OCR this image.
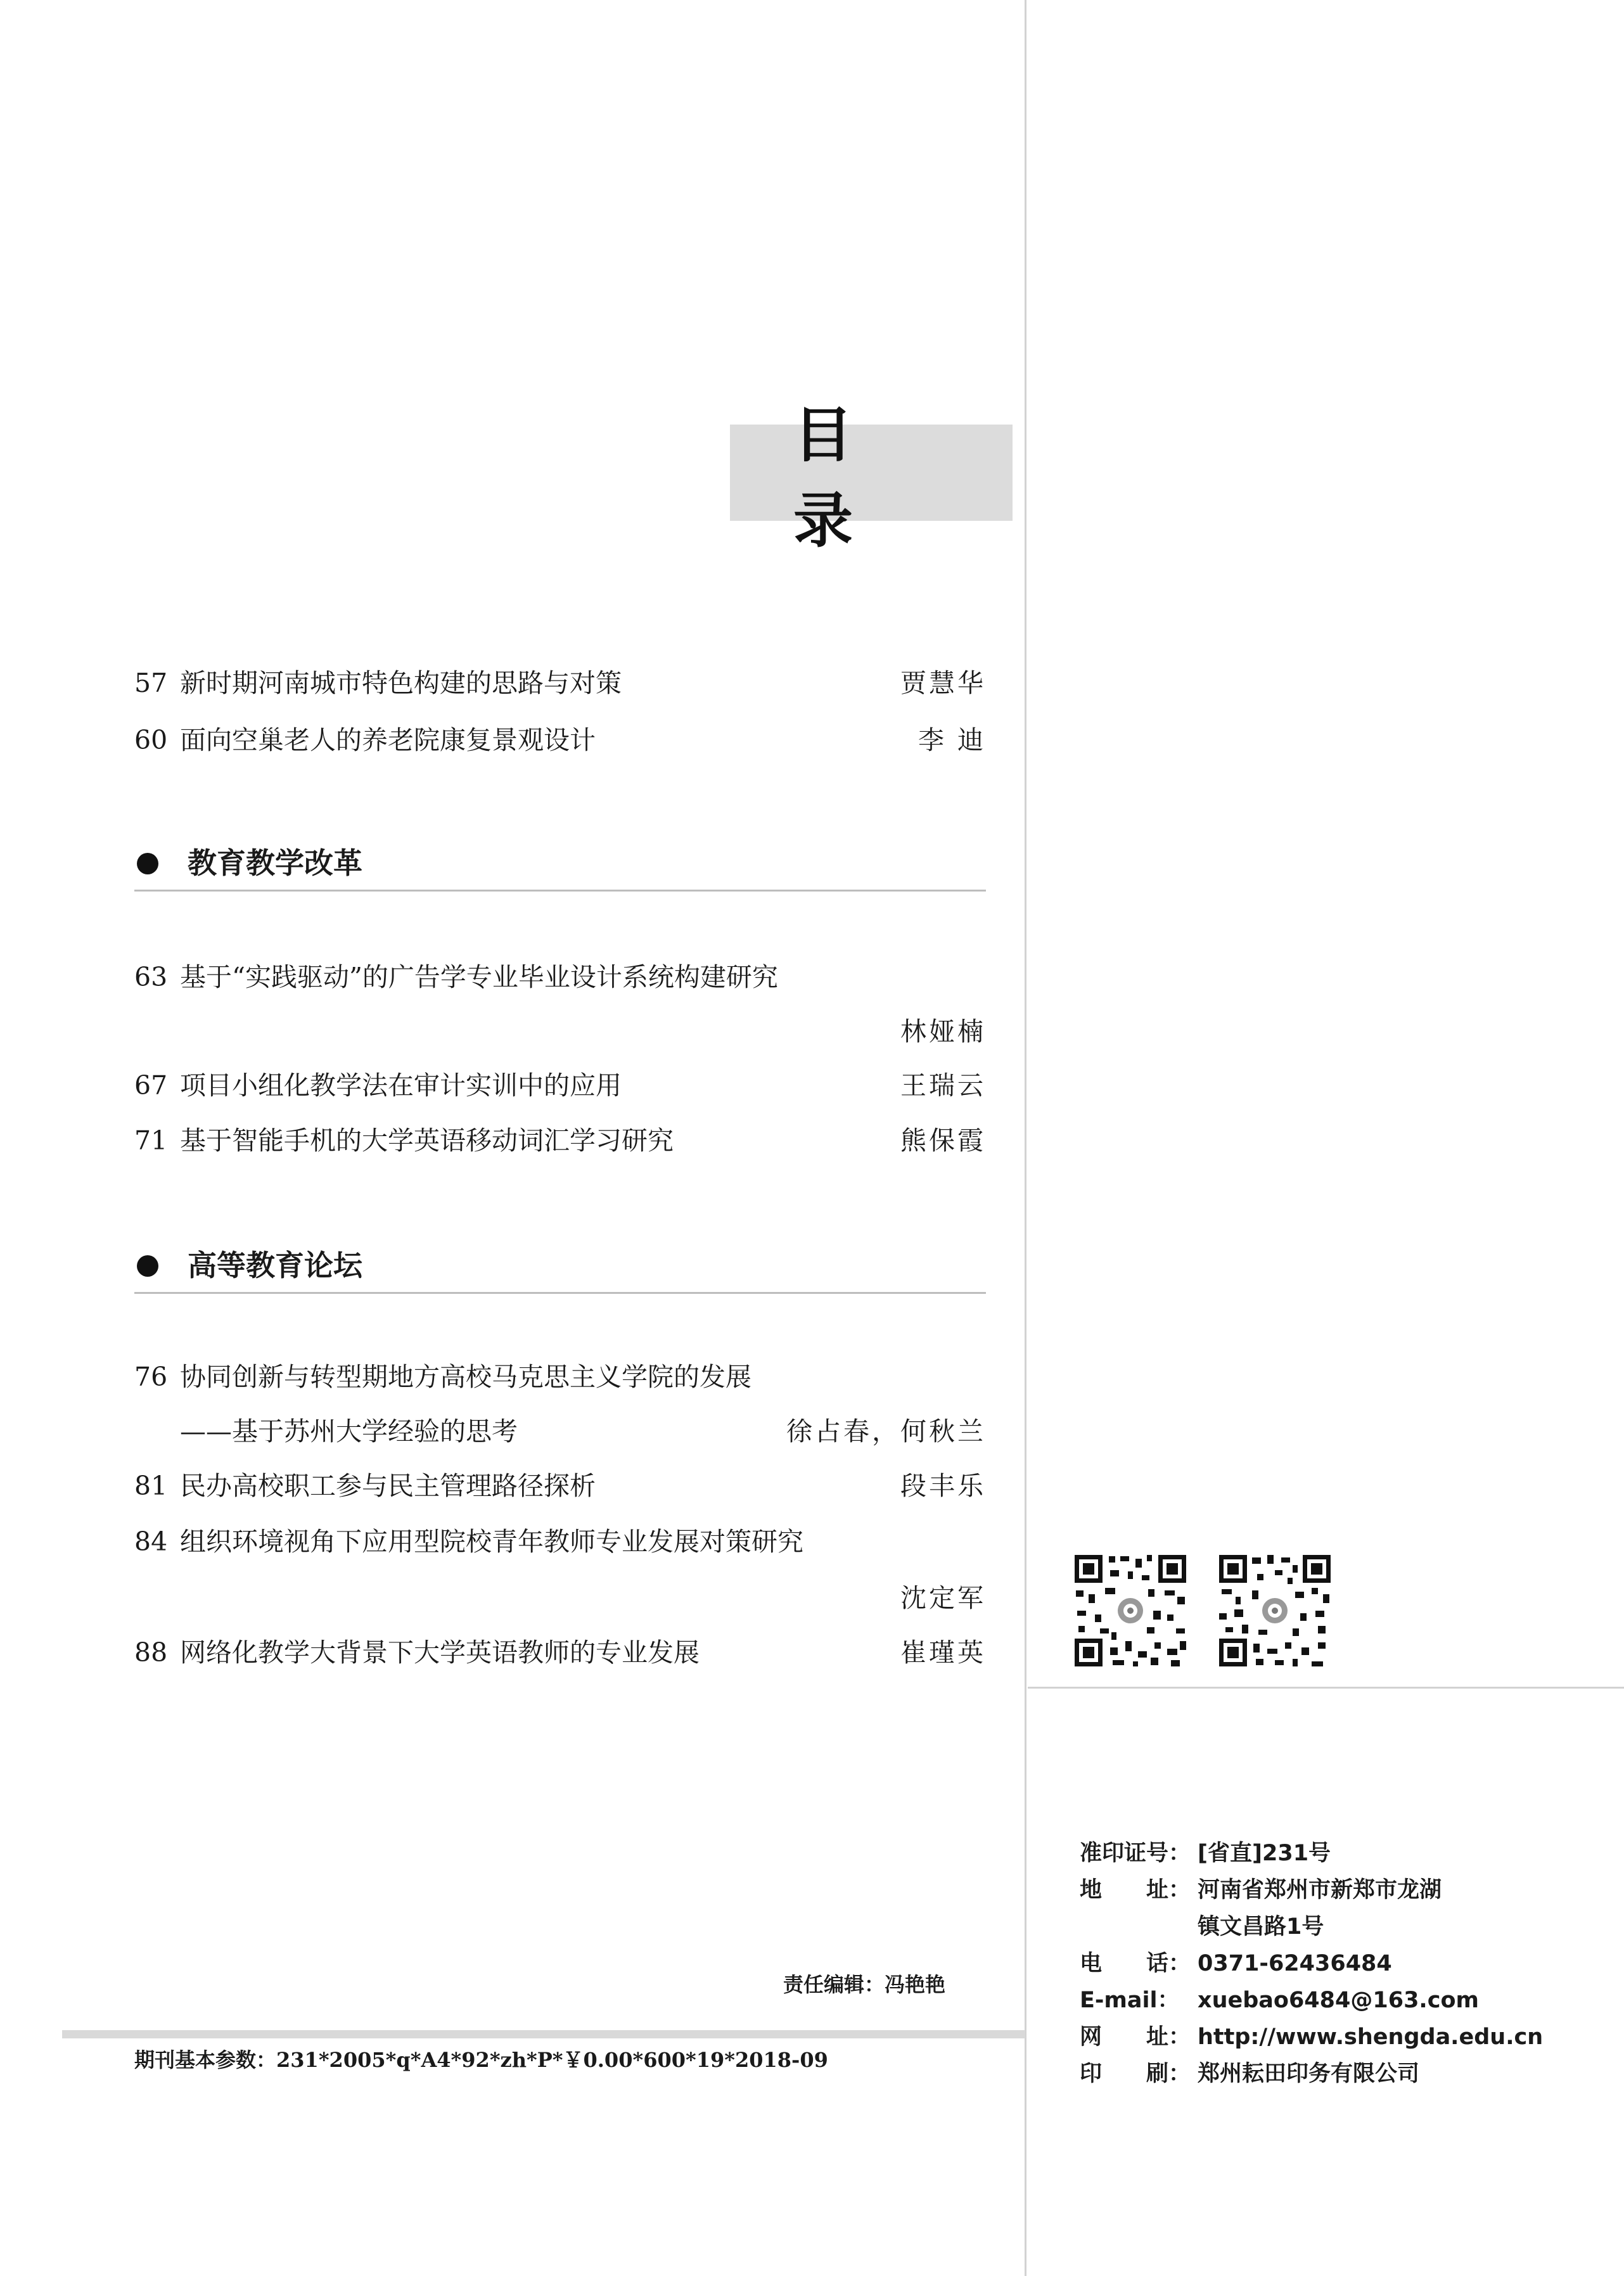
目 录
57 新时期河南城市特色构建的思路与对策	贾慧华
60 面向空巢老人的养老院康复景观设计	李 迪
教育教学改革
63 基于“实践驱动”的广告学专业毕业设计系统构建研究
林娅楠
67 项目小组化教学法在审计实训中的应用	王瑞云
71 基于智能手机的大学英语移动词汇学习研究	熊保霞
高等教育论坛
76 协同创新与转型期地方高校马克思主义学院的发展
——基于苏州大学经验的思考	徐占春，何秋兰
81 民办高校职工参与民主管理路径探析	段丰乐
84 组织环境视角下应用型院校青年教师专业发展对策研究
沈定军
88 网络化教学大背景下大学英语教师的专业发展	崔瑾英
责任编辑：冯艳艳
期刊基本参数：231*2005*q*A4*92*zh*P*￥0.00*600*19*2018-09
准印证号： [省直]231号
地　　址： 河南省郑州市新郑市龙湖
镇文昌路1号
电　　话： 0371-62436484
E-mail： xuebao6484@163.com
网　　址： http://www.shengda.edu.cn
印　　刷： 郑州耘田印务有限公司
